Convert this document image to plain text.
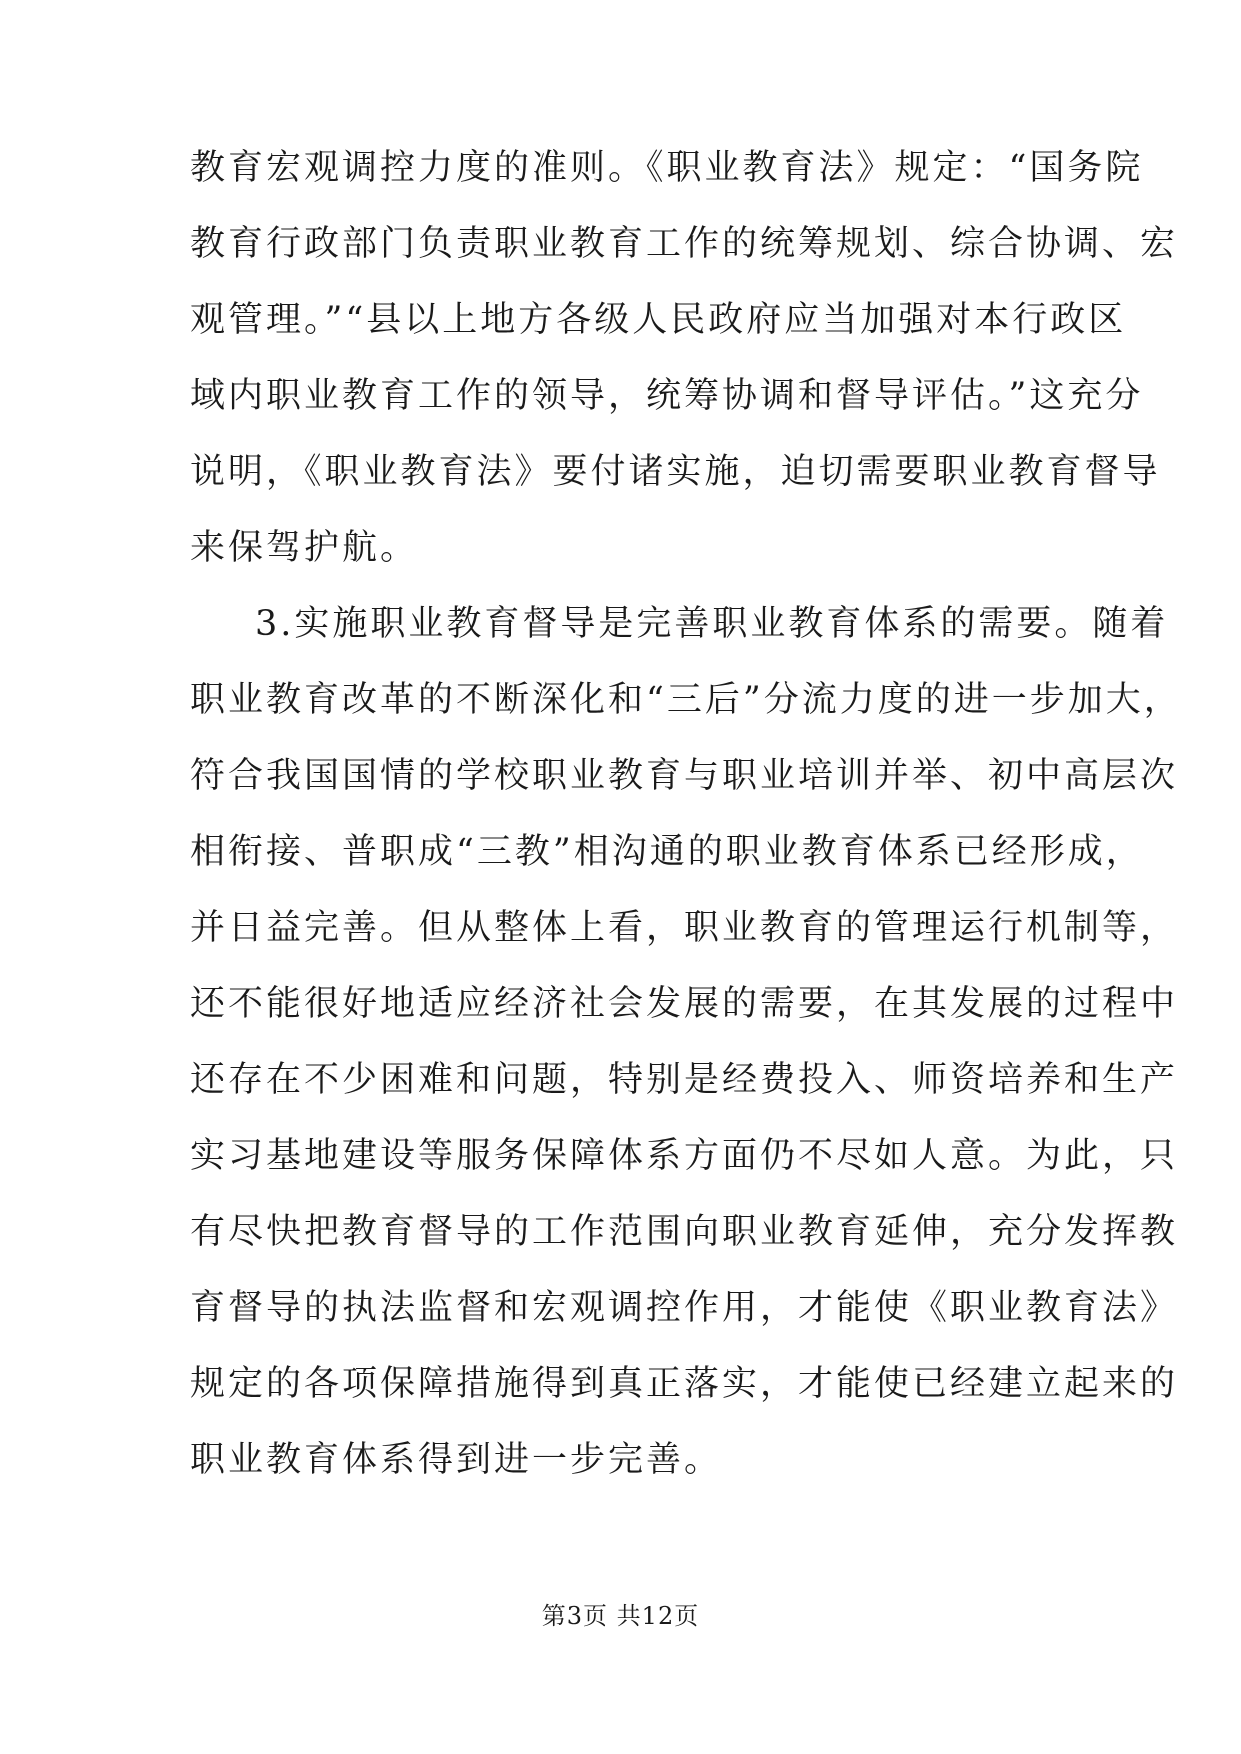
教育宏观调控力度的准则。《职业教育法》规定：“国务院
教育行政部门负责职业教育工作的统筹规划、综合协调、宏
观管理。”“县以上地方各级人民政府应当加强对本行政区
域内职业教育工作的领导，统筹协调和督导评估。”这充分
说明，《职业教育法》要付诸实施，迫切需要职业教育督导
来保驾护航。
3.实施职业教育督导是完善职业教育体系的需要。随着
职业教育改革的不断深化和“三后”分流力度的进一步加大，
符合我国国情的学校职业教育与职业培训并举、初中高层次
相衔接、普职成“三教”相沟通的职业教育体系已经形成，
并日益完善。但从整体上看，职业教育的管理运行机制等，
还不能很好地适应经济社会发展的需要，在其发展的过程中
还存在不少困难和问题，特别是经费投入、师资培养和生产
实习基地建设等服务保障体系方面仍不尽如人意。为此，只
有尽快把教育督导的工作范围向职业教育延伸，充分发挥教
育督导的执法监督和宏观调控作用，才能使《职业教育法》
规定的各项保障措施得到真正落实，才能使已经建立起来的
职业教育体系得到进一步完善。
第3页 共12页
